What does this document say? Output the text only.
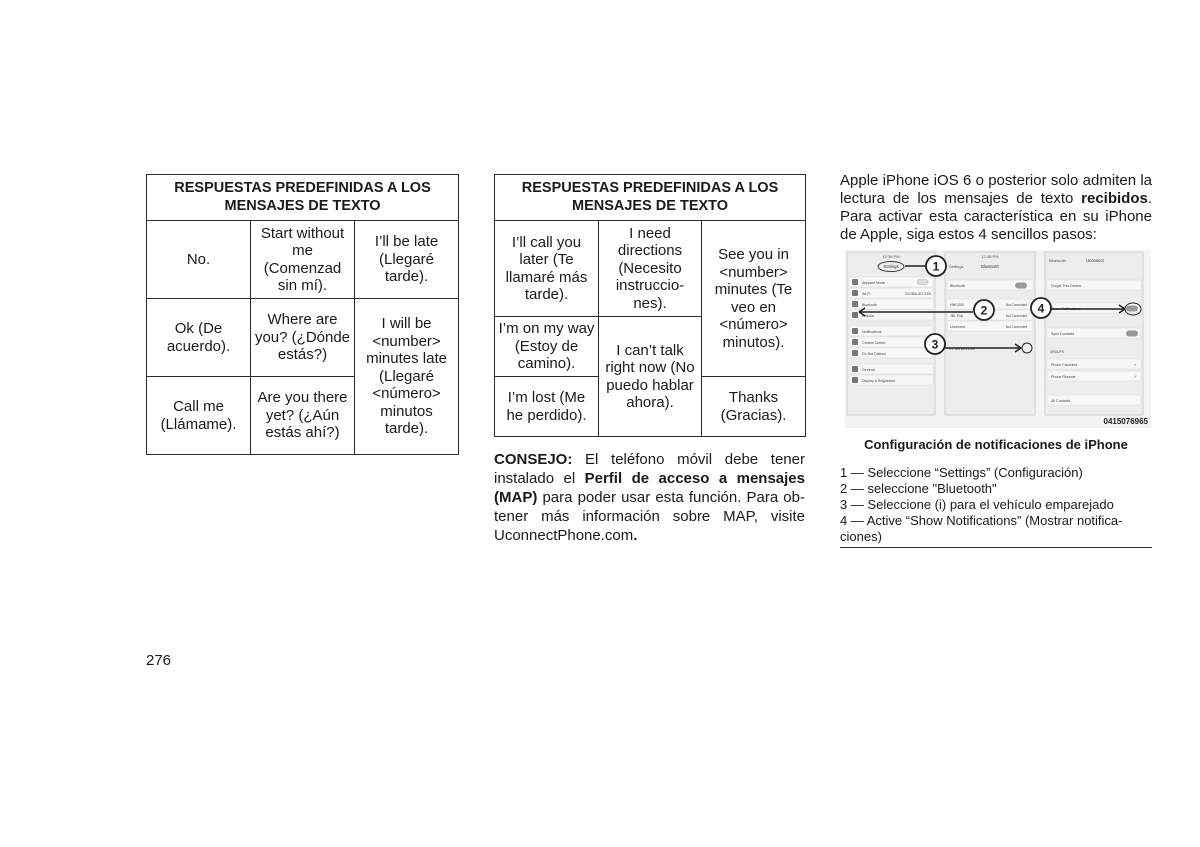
RESPUESTAS PREDEFINIDAS A LOS MENSAJES DE TEXTO		
No.	Start without me (Comenzad sin mí).	I’ll be late (Llegaré tarde).
Ok (De acuerdo).	Where are you? (¿Dónde estás?)	I will be <number> minutes late (Llegaré <número> minutos tarde).
Call me (Llámame).	Are you there yet? (¿Aún estás ahí?)	
RESPUESTAS PREDEFINIDAS A LOS MENSAJES DE TEXTO		
I’ll call you later (Te llamaré más tarde).	I need directions (Necesito instruccio-nes).	See you in <number> minutes (Te veo en <número> minutos).
I’m on my way (Estoy de camino).	I can’t talk right now (No puedo hablar ahora).	
I’m lost (Me he perdido).		Thanks (Gracias).
CONSEJO: El teléfono móvil debe tener instalado el Perfil de acceso a mensajes (MAP) para poder usar esta función. Para ob-tener más información sobre MAP, visite UconnectPhone.com.
Apple iPhone iOS 6 o posterior solo admiten la lectura de los mensajes de texto recibidos. Para activar esta característica en su iPhone de Apple, siga estos 4 sencillos pasos:
12:38 PM
Settings
Airplane Mode
Wi-Fi	GLOBALACCESS
Bluetooth
Cellular
Notifications
Control Center
Do Not Disturb
General
Display & Brightness
12:38 PM
Settings	Bluetooth
Bluetooth
HW1200	Not Connected
JBL Flip	Not Connected
Uconnect	Not Connected
OTHER DEVICES
Bluetooth	Uconnect
Forget This Device
Show Notifications
Sync Contacts
Phone Favorites	✓
Phone Recents	✓
All Contacts
GROUPS
1
2
3
4
0415076965
Configuración de notificaciones de iPhone
1 — Seleccione “Settings” (Configuración)
2 — seleccione "Bluetooth"
3 — Seleccione (i) para el vehículo emparejado
4 — Active “Show Notifications” (Mostrar notifica-ciones)
276
